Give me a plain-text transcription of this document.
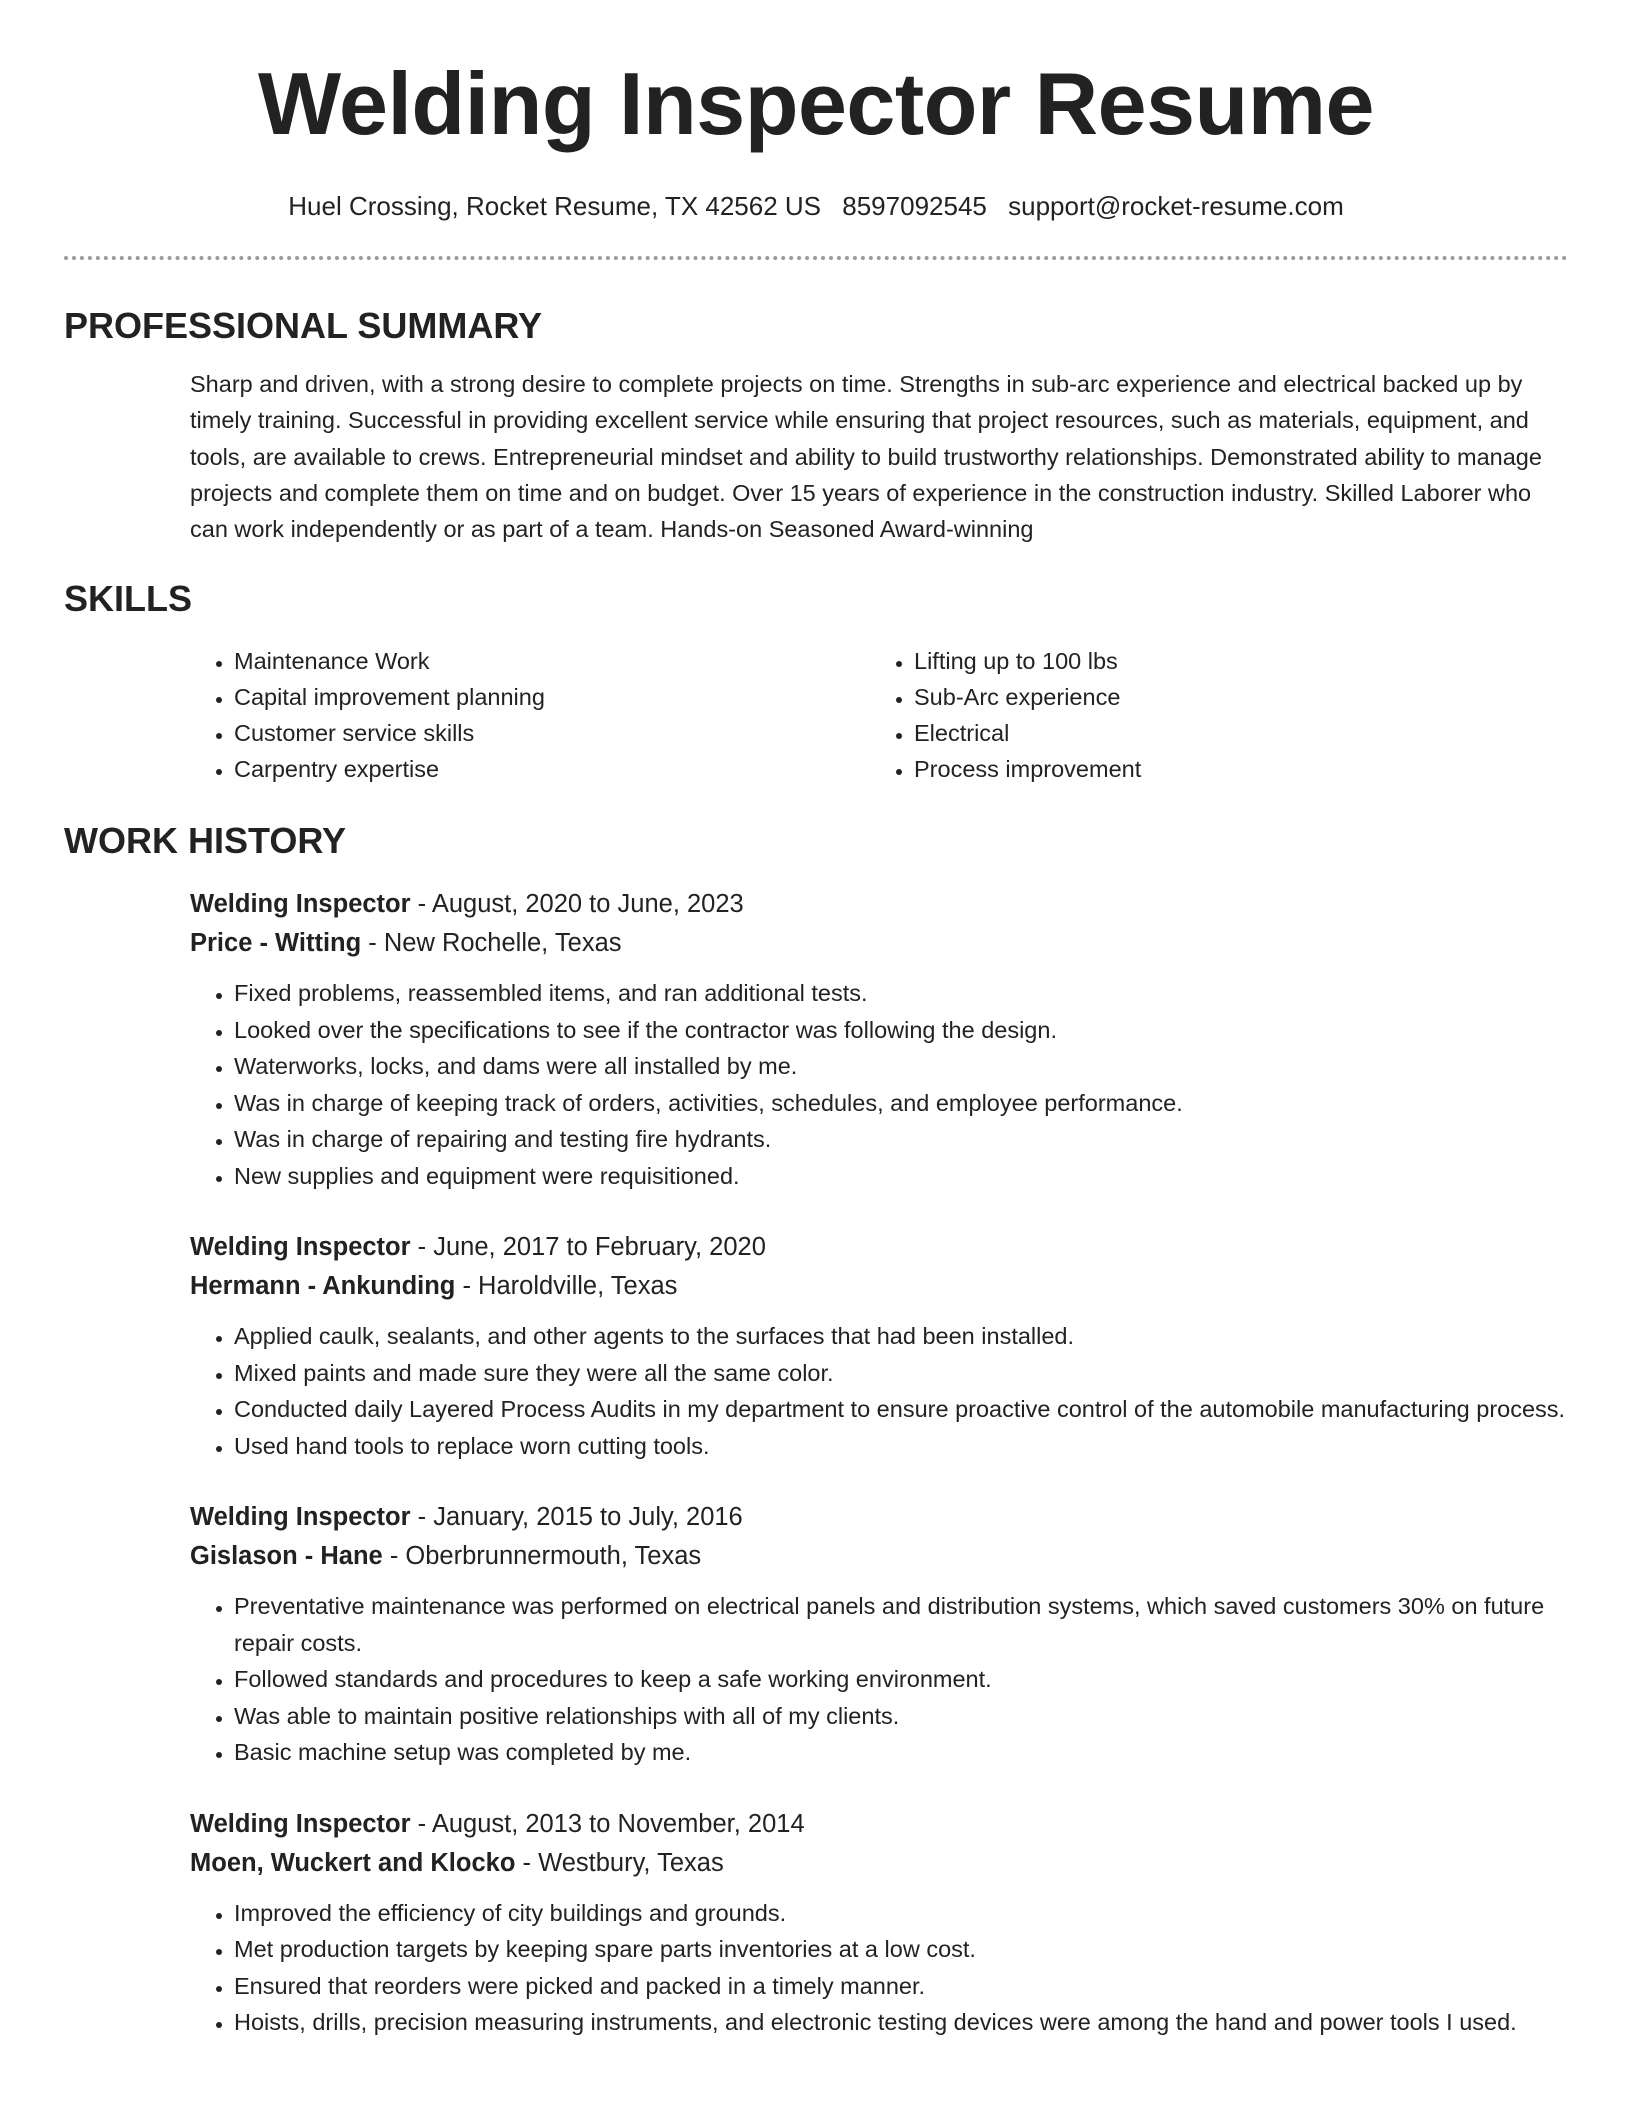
Welding Inspector Resume
Huel Crossing, Rocket Resume, TX 42562 US 8597092545 support@rocket-resume.com
PROFESSIONAL SUMMARY

Sharp and driven, with a strong desire to complete projects on time. Strengths in sub-arc experience and electrical backed up by timely training. Successful in providing excellent service while ensuring that project resources, such as materials, equipment, and tools, are available to crews. Entrepreneurial mindset and ability to build trustworthy relationships. Demonstrated ability to manage projects and complete them on time and on budget. Over 15 years of experience in the construction industry. Skilled Laborer who can work independently or as part of a team. Hands-on Seasoned Award-winning

SKILLS
• Maintenance Work
• Capital improvement planning
• Customer service skills
• Carpentry expertise
• Lifting up to 100 lbs
• Sub-Arc experience
• Electrical
• Process improvement
WORK HISTORY
Welding Inspector - August, 2020 to June, 2023
Price - Witting - New Rochelle, Texas
• Fixed problems, reassembled items, and ran additional tests.
• Looked over the specifications to see if the contractor was following the design.
• Waterworks, locks, and dams were all installed by me.
• Was in charge of keeping track of orders, activities, schedules, and employee performance.
• Was in charge of repairing and testing fire hydrants.
• New supplies and equipment were requisitioned.
Welding Inspector - June, 2017 to February, 2020
Hermann - Ankunding - Haroldville, Texas
• Applied caulk, sealants, and other agents to the surfaces that had been installed.
• Mixed paints and made sure they were all the same color.
• Conducted daily Layered Process Audits in my department to ensure proactive control of the automobile manufacturing process.
• Used hand tools to replace worn cutting tools.
Welding Inspector - January, 2015 to July, 2016
Gislason - Hane - Oberbrunnermouth, Texas
• Preventative maintenance was performed on electrical panels and distribution systems, which saved customers 30% on future repair costs.
• Followed standards and procedures to keep a safe working environment.
• Was able to maintain positive relationships with all of my clients.
• Basic machine setup was completed by me.
Welding Inspector - August, 2013 to November, 2014
Moen, Wuckert and Klocko - Westbury, Texas
• Improved the efficiency of city buildings and grounds.
• Met production targets by keeping spare parts inventories at a low cost.
• Ensured that reorders were picked and packed in a timely manner.
• Hoists, drills, precision measuring instruments, and electronic testing devices were among the hand and power tools I used.
